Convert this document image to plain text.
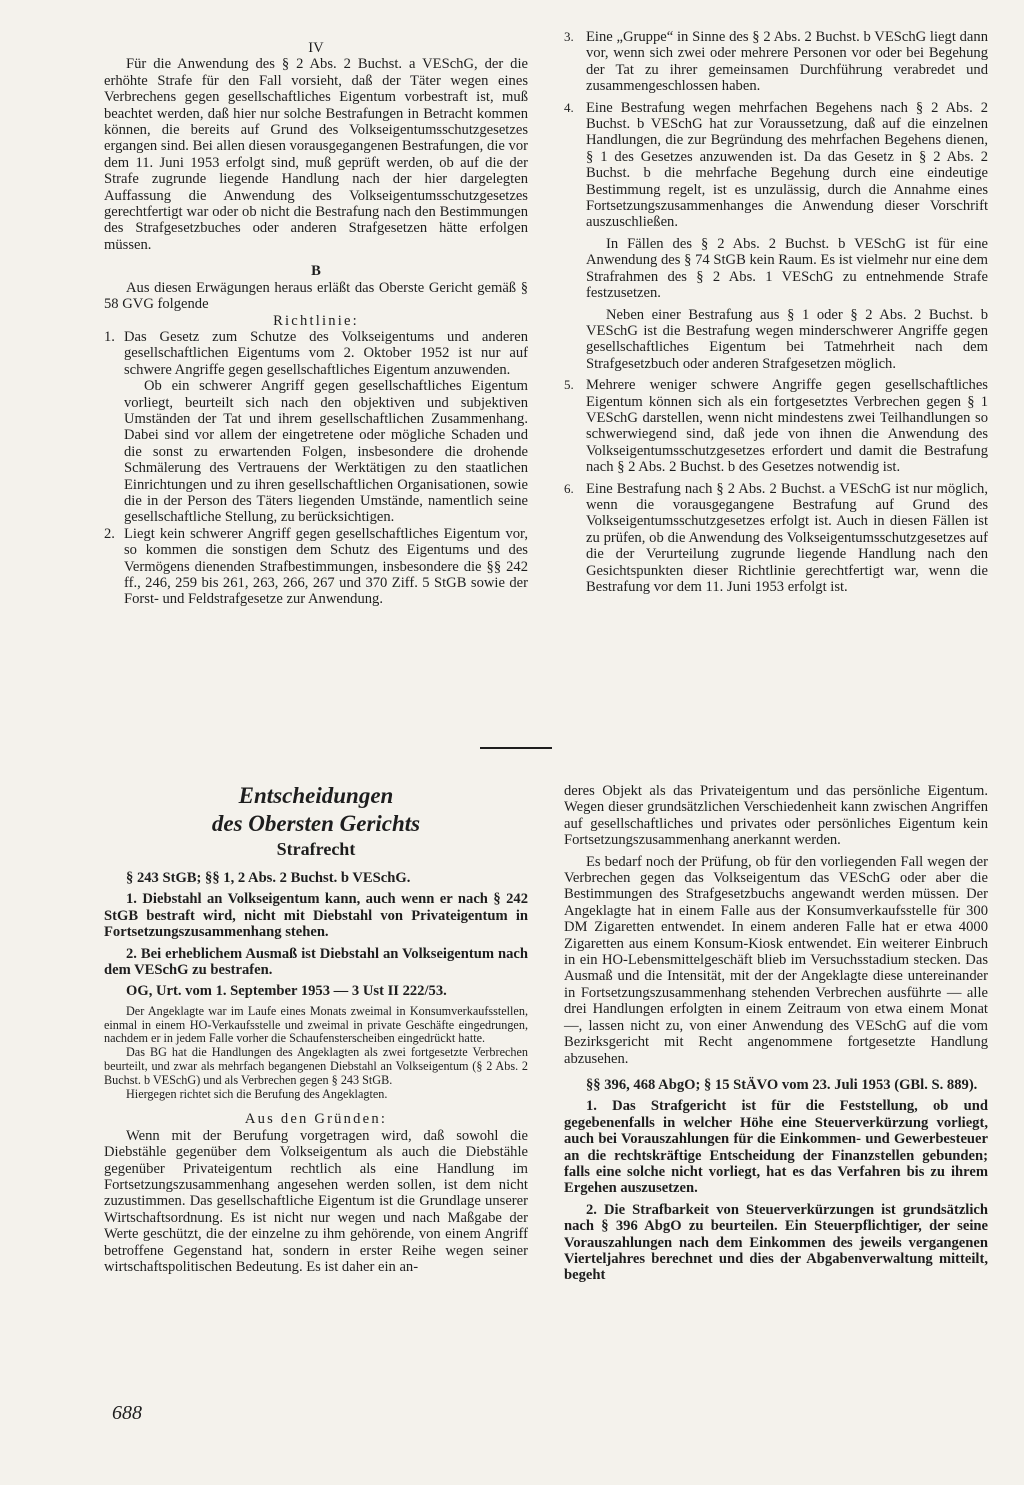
IV

Für die Anwendung des § 2 Abs. 2 Buchst. a VESchG, der die erhöhte Strafe für den Fall vorsieht, daß der Täter wegen eines Verbrechens gegen gesellschaftliches Eigentum vorbestraft ist, muß beachtet werden, daß hier nur solche Bestrafungen in Betracht kommen können, die bereits auf Grund des Volkseigentumsschutzgesetzes ergangen sind. Bei allen diesen vorausgegangenen Bestrafungen, die vor dem 11. Juni 1953 erfolgt sind, muß geprüft werden, ob auf die der Strafe zugrunde liegende Handlung nach der hier dargelegten Auffassung die Anwendung des Volkseigentumsschutzgesetzes gerechtfertigt war oder ob nicht die Bestrafung nach den Bestimmungen des Strafgesetzbuches oder anderen Strafgesetzen hätte erfolgen müssen.

B

Aus diesen Erwägungen heraus erläßt das Oberste Gericht gemäß § 58 GVG folgende

Richtlinie:

1. Das Gesetz zum Schutze des Volkseigentums und anderen gesellschaftlichen Eigentums vom 2. Oktober 1952 ist nur auf schwere Angriffe gegen gesellschaftliches Eigentum anzuwenden.

Ob ein schwerer Angriff gegen gesellschaftliches Eigentum vorliegt, beurteilt sich nach den objektiven und subjektiven Umständen der Tat und ihrem gesellschaftlichen Zusammenhang. Dabei sind vor allem der eingetretene oder mögliche Schaden und die sonst zu erwartenden Folgen, insbesondere die drohende Schmälerung des Vertrauens der Werktätigen zu den staatlichen Einrichtungen und zu ihren gesellschaftlichen Organisationen, sowie die in der Person des Täters liegenden Umstände, namentlich seine gesellschaftliche Stellung, zu berücksichtigen.

2. Liegt kein schwerer Angriff gegen gesellschaftliches Eigentum vor, so kommen die sonstigen dem Schutz des Eigentums und des Vermögens dienenden Strafbestimmungen, insbesondere die §§ 242 ff., 246, 259 bis 261, 263, 266, 267 und 370 Ziff. 5 StGB sowie der Forst- und Feldstrafgesetze zur Anwendung.

3. Eine „Gruppe“ in Sinne des § 2 Abs. 2 Buchst. b VESchG liegt dann vor, wenn sich zwei oder mehrere Personen vor oder bei Begehung der Tat zu ihrer gemeinsamen Durchführung verabredet und zusammengeschlossen haben.

4. Eine Bestrafung wegen mehrfachen Begehens nach § 2 Abs. 2 Buchst. b VESchG hat zur Voraussetzung, daß auf die einzelnen Handlungen, die zur Begründung des mehrfachen Begehens dienen, § 1 des Gesetzes anzuwenden ist. Da das Gesetz in § 2 Abs. 2 Buchst. b die mehrfache Begehung durch eine eindeutige Bestimmung regelt, ist es unzulässig, durch die Annahme eines Fortsetzungszusammenhanges die Anwendung dieser Vorschrift auszuschließen.

In Fällen des § 2 Abs. 2 Buchst. b VESchG ist für eine Anwendung des § 74 StGB kein Raum. Es ist vielmehr nur eine dem Strafrahmen des § 2 Abs. 1 VESchG zu entnehmende Strafe festzusetzen.

Neben einer Bestrafung aus § 1 oder § 2 Abs. 2 Buchst. b VESchG ist die Bestrafung wegen minderschwerer Angriffe gegen gesellschaftliches Eigentum bei Tatmehrheit nach dem Strafgesetzbuch oder anderen Strafgesetzen möglich.

5. Mehrere weniger schwere Angriffe gegen gesellschaftliches Eigentum können sich als ein fortgesetztes Verbrechen gegen § 1 VESchG darstellen, wenn nicht mindestens zwei Teilhandlungen so schwerwiegend sind, daß jede von ihnen die Anwendung des Volkseigentumsschutzgesetzes erfordert und damit die Bestrafung nach § 2 Abs. 2 Buchst. b des Gesetzes notwendig ist.

6. Eine Bestrafung nach § 2 Abs. 2 Buchst. a VESchG ist nur möglich, wenn die vorausgegangene Bestrafung auf Grund des Volkseigentumsschutzgesetzes erfolgt ist. Auch in diesen Fällen ist zu prüfen, ob die Anwendung des Volkseigentumsschutzgesetzes auf die der Verurteilung zugrunde liegende Handlung nach den Gesichtspunkten dieser Richtlinie gerechtfertigt war, wenn die Bestrafung vor dem 11. Juni 1953 erfolgt ist.

Entscheidungen

des Obersten Gerichts

Strafrecht

§ 243 StGB; §§ 1, 2 Abs. 2 Buchst. b VESchG.

1. Diebstahl an Volkseigentum kann, auch wenn er nach § 242 StGB bestraft wird, nicht mit Diebstahl von Privateigentum in Fortsetzungszusammenhang stehen.

2. Bei erheblichem Ausmaß ist Diebstahl an Volkseigentum nach dem VESchG zu bestrafen.

OG, Urt. vom 1. September 1953 — 3 Ust II 222/53.

Der Angeklagte war im Laufe eines Monats zweimal in Konsumverkaufsstellen, einmal in einem HO-Verkaufsstelle und zweimal in private Geschäfte eingedrungen, nachdem er in jedem Falle vorher die Schaufensterscheiben eingedrückt hatte.

Das BG hat die Handlungen des Angeklagten als zwei fortgesetzte Verbrechen beurteilt, und zwar als mehrfach begangenen Diebstahl an Volkseigentum (§ 2 Abs. 2 Buchst. b VESchG) und als Verbrechen gegen § 243 StGB.

Hiergegen richtet sich die Berufung des Angeklagten.

Aus den Gründen:

Wenn mit der Berufung vorgetragen wird, daß sowohl die Diebstähle gegenüber dem Volkseigentum als auch die Diebstähle gegenüber Privateigentum rechtlich als eine Handlung im Fortsetzungszusammenhang angesehen werden sollen, ist dem nicht zuzustimmen. Das gesellschaftliche Eigentum ist die Grundlage unserer Wirtschaftsordnung. Es ist nicht nur wegen und nach Maßgabe der Werte geschützt, die der einzelne zu ihm gehörende, von einem Angriff betroffene Gegenstand hat, sondern in erster Reihe wegen seiner wirtschaftspolitischen Bedeutung. Es ist daher ein an-

deres Objekt als das Privateigentum und das persönliche Eigentum. Wegen dieser grundsätzlichen Verschiedenheit kann zwischen Angriffen auf gesellschaftliches und privates oder persönliches Eigentum kein Fortsetzungszusammenhang anerkannt werden.

Es bedarf noch der Prüfung, ob für den vorliegenden Fall wegen der Verbrechen gegen das Volkseigentum das VESchG oder aber die Bestimmungen des Strafgesetzbuchs angewandt werden müssen. Der Angeklagte hat in einem Falle aus der Konsumverkaufsstelle für 300 DM Zigaretten entwendet. In einem anderen Falle hat er etwa 4000 Zigaretten aus einem Konsum-Kiosk entwendet. Ein weiterer Einbruch in ein HO-Lebensmittelgeschäft blieb im Versuchsstadium stecken. Das Ausmaß und die Intensität, mit der der Angeklagte diese untereinander in Fortsetzungszusammenhang stehenden Verbrechen ausführte — alle drei Handlungen erfolgten in einem Zeitraum von etwa einem Monat —, lassen nicht zu, von einer Anwendung des VESchG auf die vom Bezirksgericht mit Recht angenommene fortgesetzte Handlung abzusehen.

§§ 396, 468 AbgO; § 15 StÄVO vom 23. Juli 1953 (GBl. S. 889).

1. Das Strafgericht ist für die Feststellung, ob und gegebenenfalls in welcher Höhe eine Steuerverkürzung vorliegt, auch bei Vorauszahlungen für die Einkommen- und Gewerbesteuer an die rechtskräftige Entscheidung der Finanzstellen gebunden; falls eine solche nicht vorliegt, hat es das Verfahren bis zu ihrem Ergehen auszusetzen.

2. Die Strafbarkeit von Steuerverkürzungen ist grundsätzlich nach § 396 AbgO zu beurteilen. Ein Steuerpflichtiger, der seine Vorauszahlungen nach dem Einkommen des jeweils vergangenen Vierteljahres berechnet und dies der Abgabenverwaltung mitteilt, begeht

688
